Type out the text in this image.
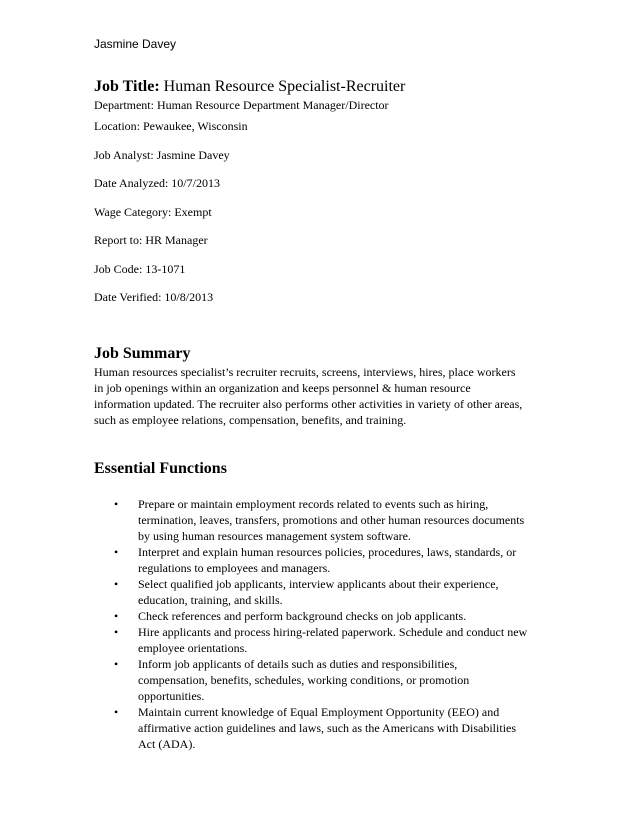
Jasmine Davey
Job Title: Human Resource Specialist-Recruiter
Department: Human Resource Department Manager/Director
Location: Pewaukee, Wisconsin
Job Analyst: Jasmine Davey
Date Analyzed: 10/7/2013
Wage Category: Exempt
Report to: HR Manager
Job Code: 13-1071
Date Verified: 10/8/2013
Job Summary
Human resources specialist’s recruiter recruits, screens, interviews, hires, place workers
in job openings within an organization and keeps personnel & human resource
information updated. The recruiter also performs other activities in variety of other areas,
such as employee relations, compensation, benefits, and training.
Essential Functions
• Prepare or maintain employment records related to events such as hiring,
termination, leaves, transfers, promotions and other human resources documents
by using human resources management system software.
• Interpret and explain human resources policies, procedures, laws, standards, or
regulations to employees and managers.
• Select qualified job applicants, interview applicants about their experience,
education, training, and skills.
• Check references and perform background checks on job applicants.
• Hire applicants and process hiring-related paperwork. Schedule and conduct new
employee orientations.
• Inform job applicants of details such as duties and responsibilities,
compensation, benefits, schedules, working conditions, or promotion
opportunities.
• Maintain current knowledge of Equal Employment Opportunity (EEO) and
affirmative action guidelines and laws, such as the Americans with Disabilities
Act (ADA).
